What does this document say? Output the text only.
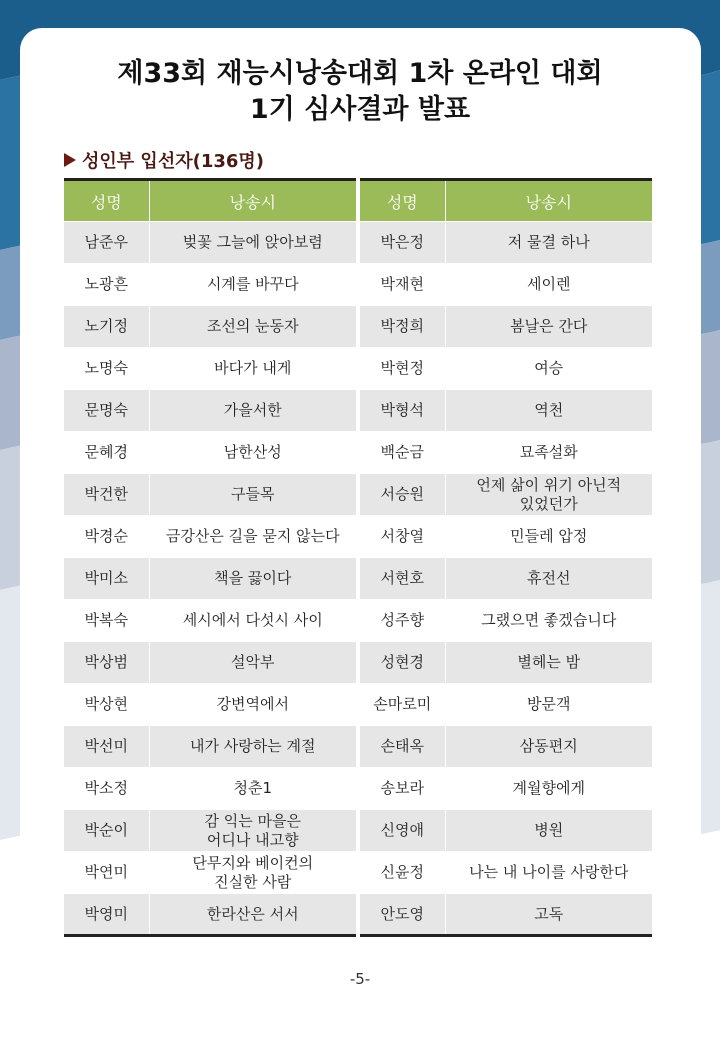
제33회 재능시낭송대회 1차 온라인 대회
1기 심사결과 발표
성인부 입선자(136명)
성명	낭송시
남준우	벚꽃 그늘에 앉아보렴
노광흔	시계를 바꾸다
노기정	조선의 눈동자
노명숙	바다가 내게
문명숙	가을서한
문혜경	남한산성
박건한	구들목
박경순	금강산은 길을 묻지 않는다
박미소	책을 끓이다
박복숙	세시에서 다섯시 사이
박상범	설악부
박상현	강변역에서
박선미	내가 사랑하는 계절
박소정	청춘1
박순이	감 익는 마을은
어디나 내고향
박연미	단무지와 베이컨의
진실한 사람
박영미	한라산은 서서
성명	낭송시
박은정	저 물결 하나
박재현	세이렌
박정희	봄날은 간다
박현정	여승
박형석	역천
백순금	묘족설화
서승원	언제 삶이 위기 아닌적
있었던가
서창열	민들레 압정
서현호	휴전선
성주향	그랬으면 좋겠습니다
성현경	별헤는 밤
손마로미	방문객
손태옥	삼동편지
송보라	계월향에게
신영애	병원
신윤정	나는 내 나이를 사랑한다
안도영	고독
-5-
